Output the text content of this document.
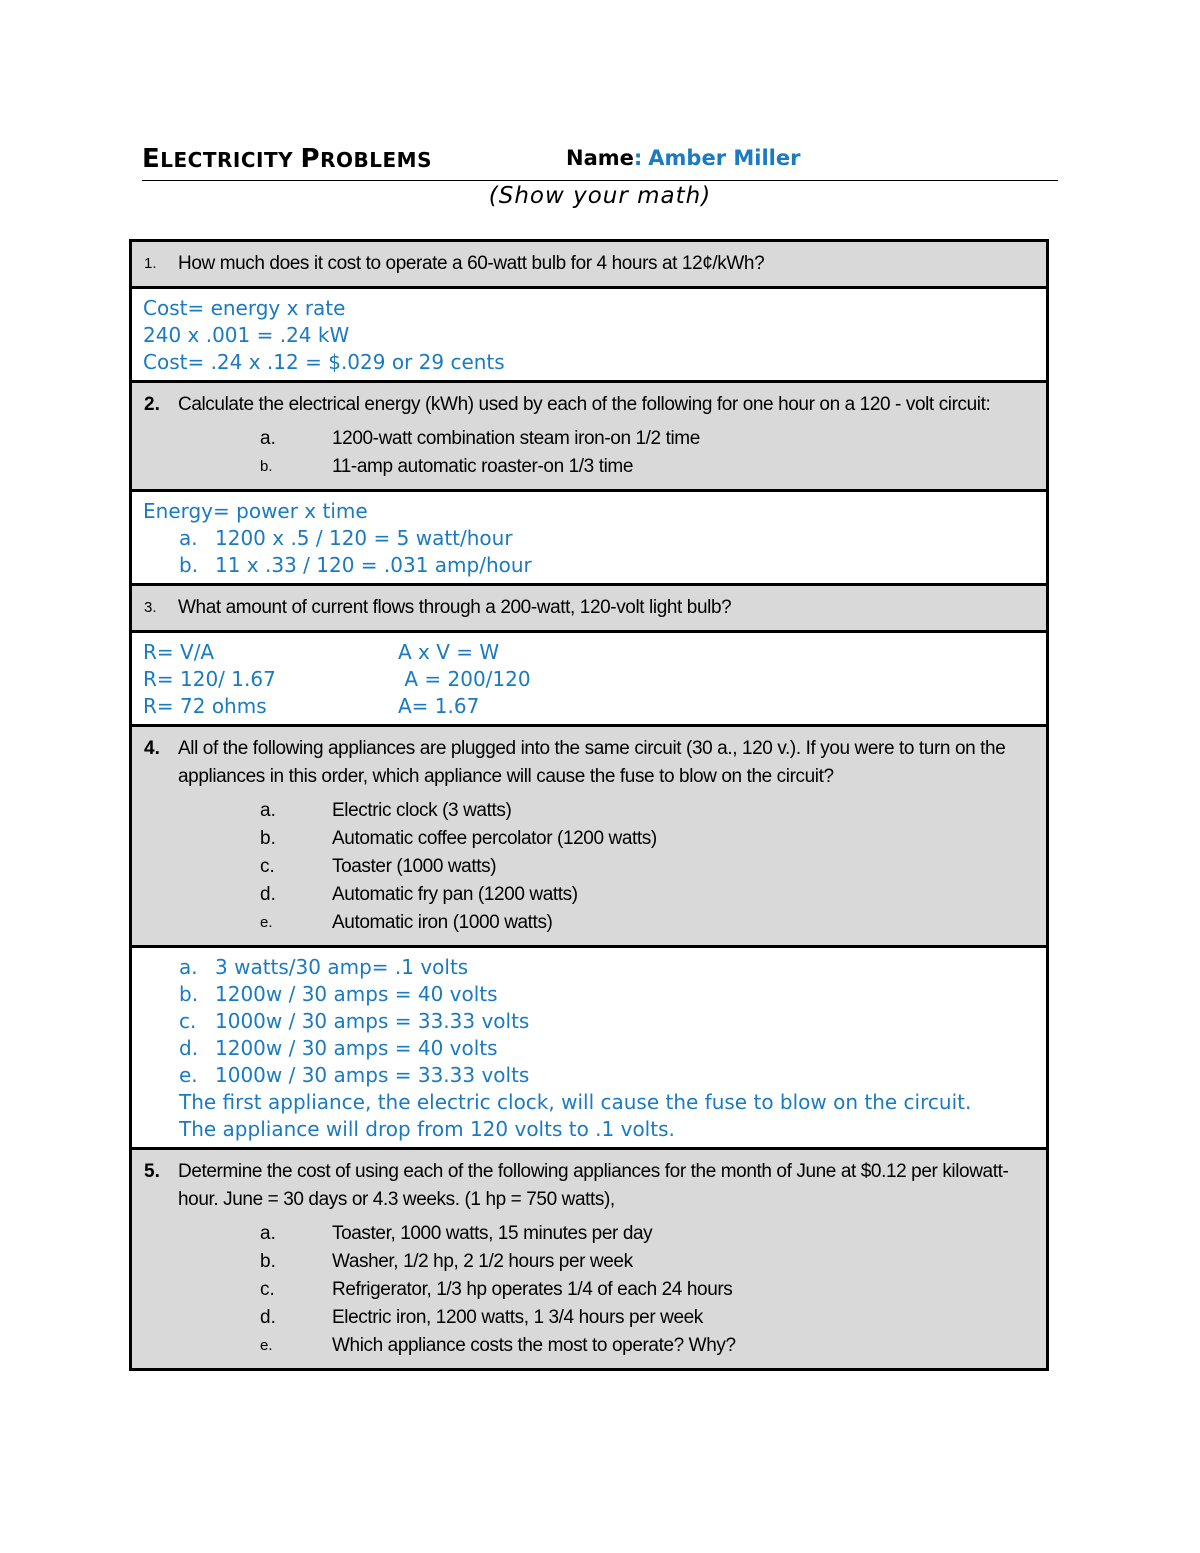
ELECTRICITY PROBLEMS	Name: Amber Miller
(Show your math)
1.	How much does it cost to operate a 60-watt bulb for 4 hours at 12¢/kWh?
Cost= energy x rate
240 x .001 = .24 kW
Cost= .24 x .12 = $.029 or 29 cents
2. Calculate the electrical energy (kWh) used by each of the following for one hour on a 120 - volt circuit:
a.	1200-watt combination steam iron-on 1/2 time
b.	11-amp automatic roaster-on 1/3 time
Energy= power x time
a. 1200 x .5 / 120 = 5 watt/hour
b. 11 x .33 / 120 = .031 amp/hour
3.	What amount of current flows through a 200-watt, 120-volt light bulb?
R= V/A	A x V = W
R= 120/ 1.67	A = 200/120
R= 72 ohms	A= 1.67
4. All of the following appliances are plugged into the same circuit (30 a., 120 v.). If you were to turn on the appliances in this order, which appliance will cause the fuse to blow on the circuit?
a.	Electric clock (3 watts)
b.	Automatic coffee percolator (1200 watts)
c.	Toaster (1000 watts)
d.	Automatic fry pan (1200 watts)
e.	Automatic iron (1000 watts)
a. 3 watts/30 amp= .1 volts
b. 1200w / 30 amps = 40 volts
c. 1000w / 30 amps = 33.33 volts
d. 1200w / 30 amps = 40 volts
e. 1000w / 30 amps = 33.33 volts
The first appliance, the electric clock, will cause the fuse to blow on the circuit.
The appliance will drop from 120 volts to .1 volts.
5. Determine the cost of using each of the following appliances for the month of June at $0.12 per kilowatt-hour. June = 30 days or 4.3 weeks. (1 hp = 750 watts),
a.	Toaster, 1000 watts, 15 minutes per day
b.	Washer, 1/2 hp, 2 1/2 hours per week
c.	Refrigerator, 1/3 hp operates 1/4 of each 24 hours
d.	Electric iron, 1200 watts, 1 3/4 hours per week
e.	Which appliance costs the most to operate? Why?
